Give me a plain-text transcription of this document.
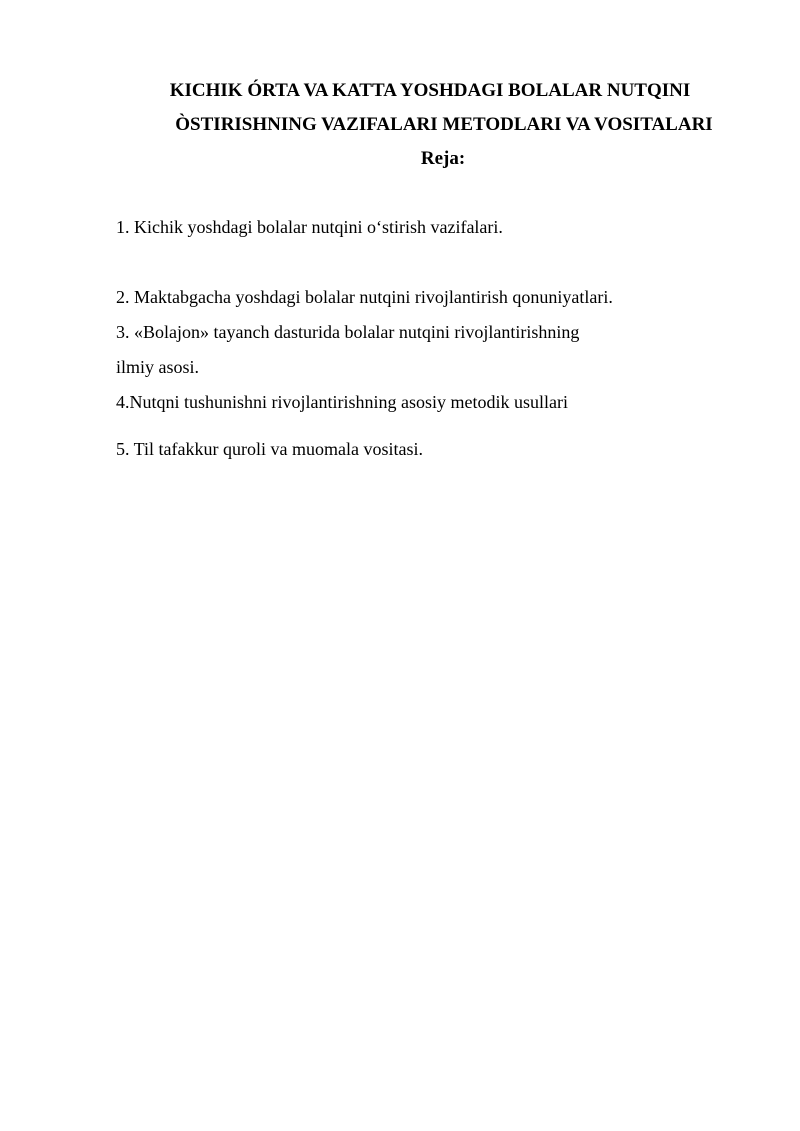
KICHIK ÓRTA VA KATTA YOSHDAGI BOLALAR NUTQINI

ÒSTIRISHNING VAZIFALARI METODLARI VA VOSITALARI

Reja:

1. Kichik yoshdagi bolalar nutqini o‘stirish vazifalari.
2. Maktabgacha yoshdagi bolalar nutqini rivojlantirish qonuniyatlari.
3. «Bolajon» tayanch dasturida bolalar nutqini rivojlantirishning
ilmiy asosi.
4.Nutqni tushunishni rivojlantirishning asosiy metodik usullari
5. Til tafakkur quroli va muomala vositasi.
